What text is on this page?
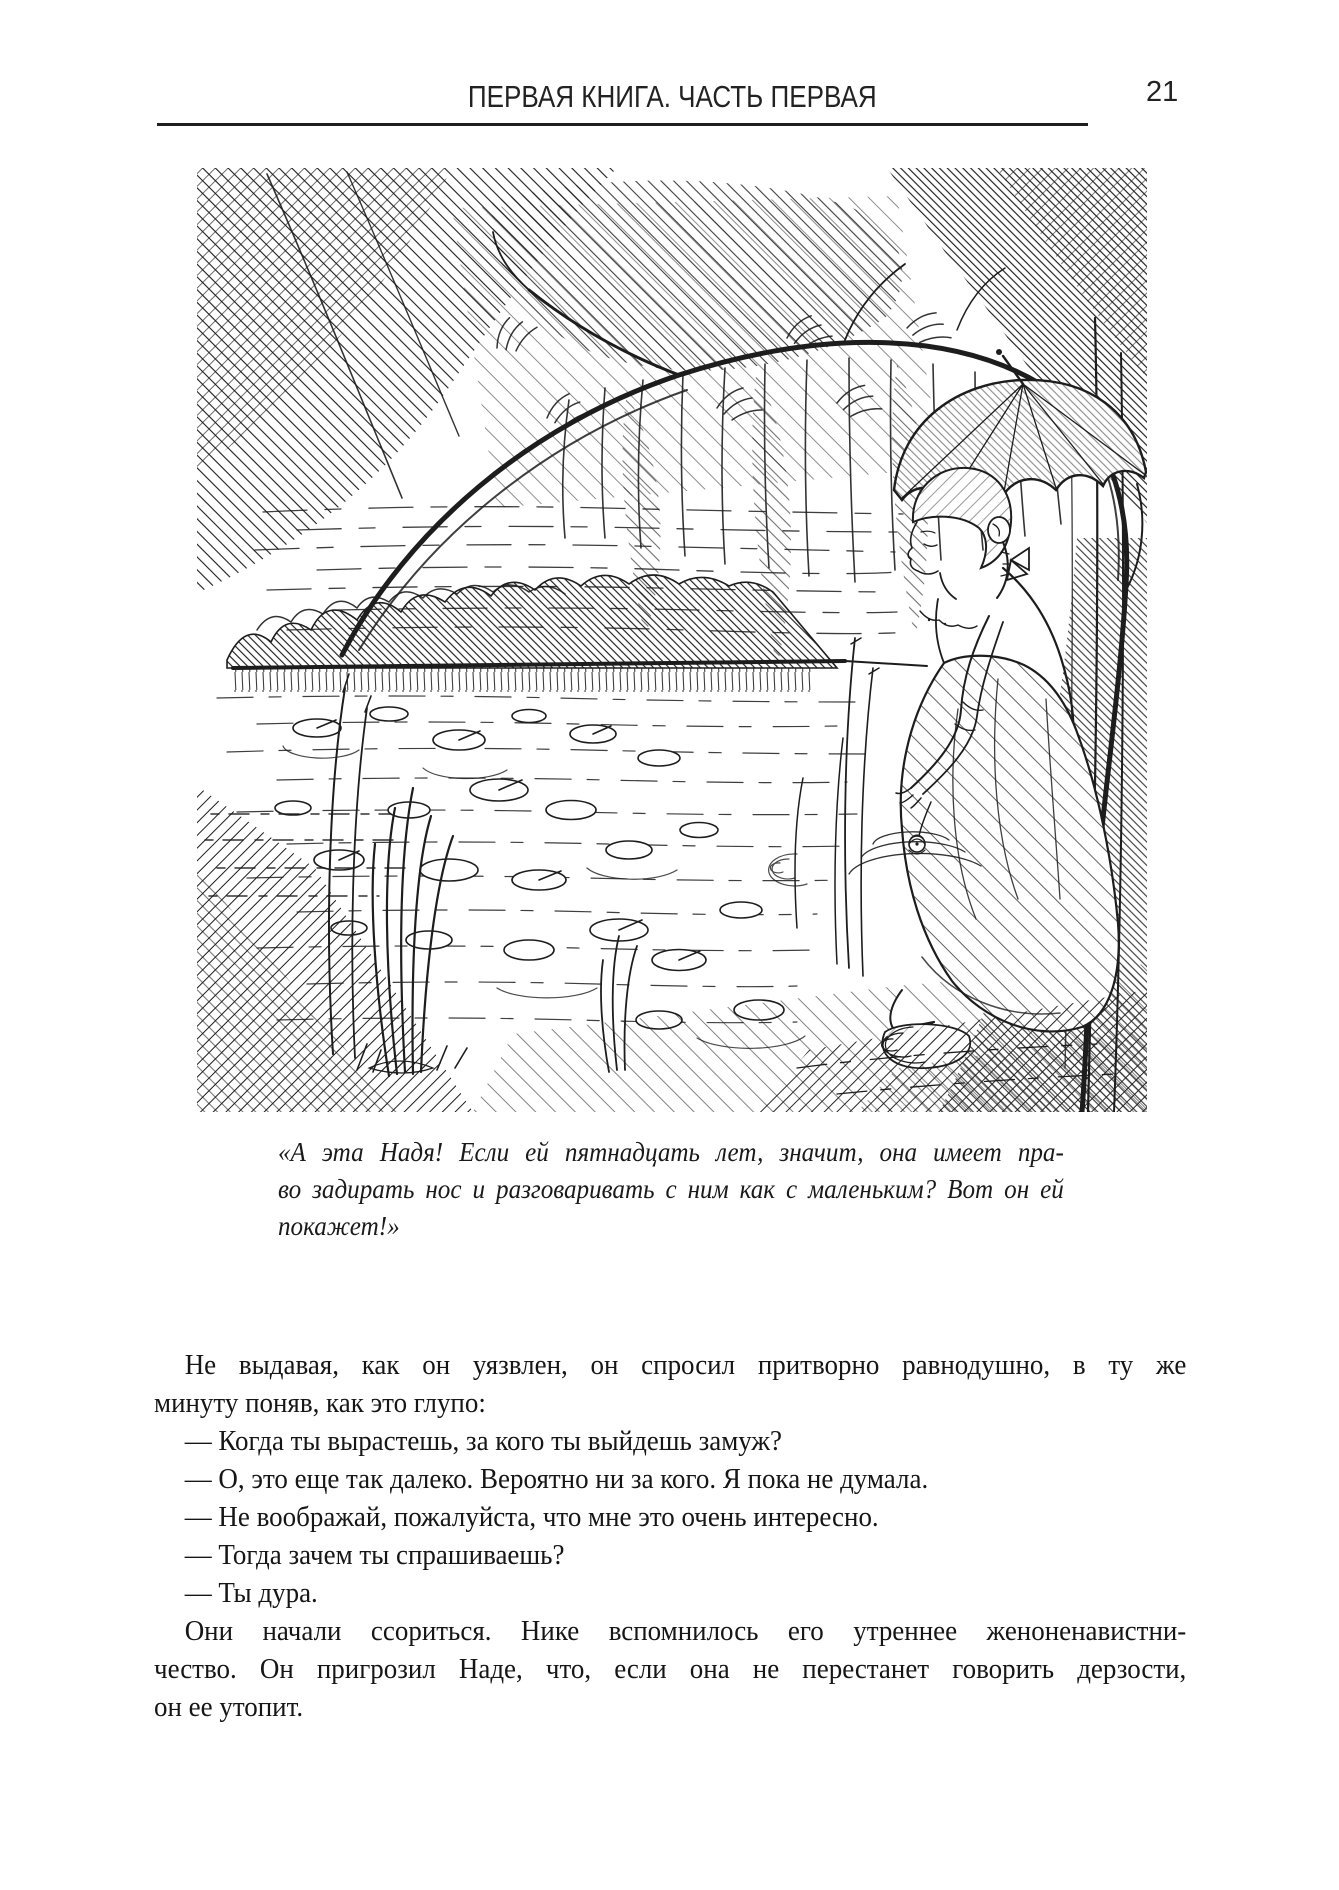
ПЕРВАЯ КНИГА. ЧАСТЬ ПЕРВАЯ	21
«А эта Надя! Если ей пятнадцать лет, значит, она имеет пра-
во задирать нос и разговаривать с ним как с маленьким? Вот он ей
покажет!»
Не выдавая, как он уязвлен, он спросил притворно равнодушно, в ту же
минуту поняв, как это глупо:
— Когда ты вырастешь, за кого ты выйдешь замуж?
— О, это еще так далеко. Вероятно ни за кого. Я пока не думала.
— Не воображай, пожалуйста, что мне это очень интересно.
— Тогда зачем ты спрашиваешь?
— Ты дура.
Они начали ссориться. Нике вспомнилось его утреннее женоненавистни-
чество. Он пригрозил Наде, что, если она не перестанет говорить дерзости,
он ее утопит.
